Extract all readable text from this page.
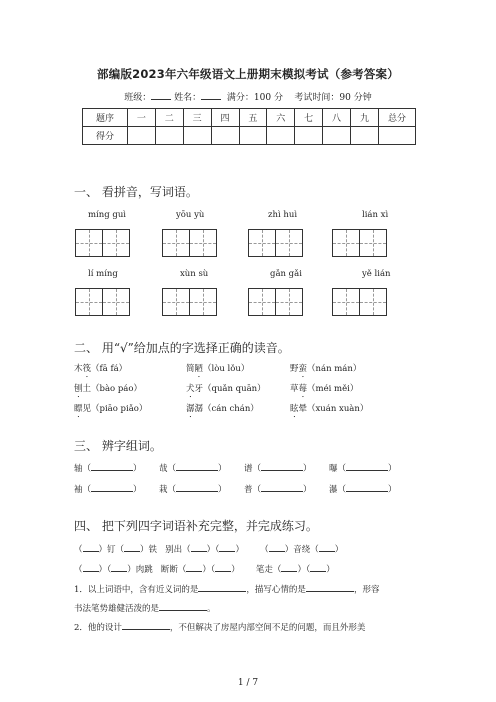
部编版2023年六年级语文上册期末模拟考试（参考答案）
班级：	姓名：	满分：100 分 考试时间：90 分钟
题序	一	二	三	四	五	六	七	八	九	总分
得分										
一、 看拼音，写词语。
míng guì	yōu yù	zhì huì	lián xì
lí míng	xùn sù	gǎn gǎi	yě lián
二、 用“√”给加点的字选择正确的读音。
木筏（fā fá）	简陋（lòu lǒu）	野蛮（nán mán）
刨土（bào páo）	犬牙（quǎn quān）	草莓（méi měi）
瞟见（piāo piǎo）	潺潺（cán chán）	眩晕（xuán xuàn）
三、 辨字组词。
轴（	） 哉（	） 谱（	） 曝（	）
袖（	） 栽（	） 普（	） 瀑（	）
四、 把下列四字词语补充完整，并完成练习。
（ ）钉（ ）铁 别出（ ）（ ） （ ）音绕（ ）
（ ）（ ）肉跳 断断（ ）（ ） 笔走（ ）（ ）
1．以上词语中，含有近义词的是	，描写心情的是	，形容
书法笔势雄健活泼的是	。
2．他的设计	，不但解决了房屋内部空间不足的问题，而且外形美
1 / 7
